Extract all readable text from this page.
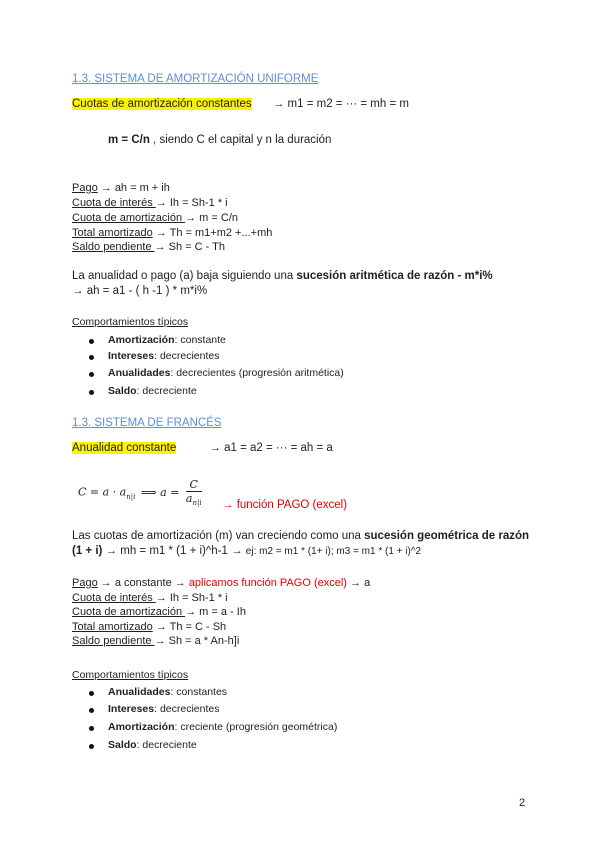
1.3. SISTEMA DE AMORTIZACIÓN UNIFORME
Cuotas de amortización constantes → m1 = m2 = ··· = mh = m
m = C/n , siendo C el capital y n la duración
Pago → ah = m + ih
Cuota de interés → Ih = Sh-1 * i
Cuota de amortización → m = C/n
Total amortizado → Th = m1+m2 +...+mh
Saldo pendiente → Sh = C - Th
La anualidad o pago (a) baja siguiendo una sucesión aritmética de razón - m*i%
→ ah = a1 - ( h -1 ) * m*i%
Comportamientos típicos
Amortización: constante
Intereses: decrecientes
Anualidades: decrecientes (progresión aritmética)
Saldo: decreciente
1.3. SISTEMA DE FRANCÉS
Anualidad constante	→ a1 = a2 = ··· = ah = a
$C = a \cdot a_{n|i}$ ⟹ $a = \frac{C}{a_{n|i}}$ → función PAGO (excel)
Las cuotas de amortización (m) van creciendo como una sucesión geométrica de razón
(1 + i) → mh = m1 * (1 + i)^h-1 → ej: m2 = m1 * (1+ i); m3 = m1 * (1 + i)^2
Pago → a constante → aplicamos función PAGO (excel) → a
Cuota de interés → Ih = Sh-1 * i
Cuota de amortización → m = a - Ih
Total amortizado → Th = C - Sh
Saldo pendiente → Sh = a * An-h]i
Comportamientos típicos
Anualidades: constantes
Intereses: decrecientes
Amortización: creciente (progresión geométrica)
Saldo: decreciente
2
